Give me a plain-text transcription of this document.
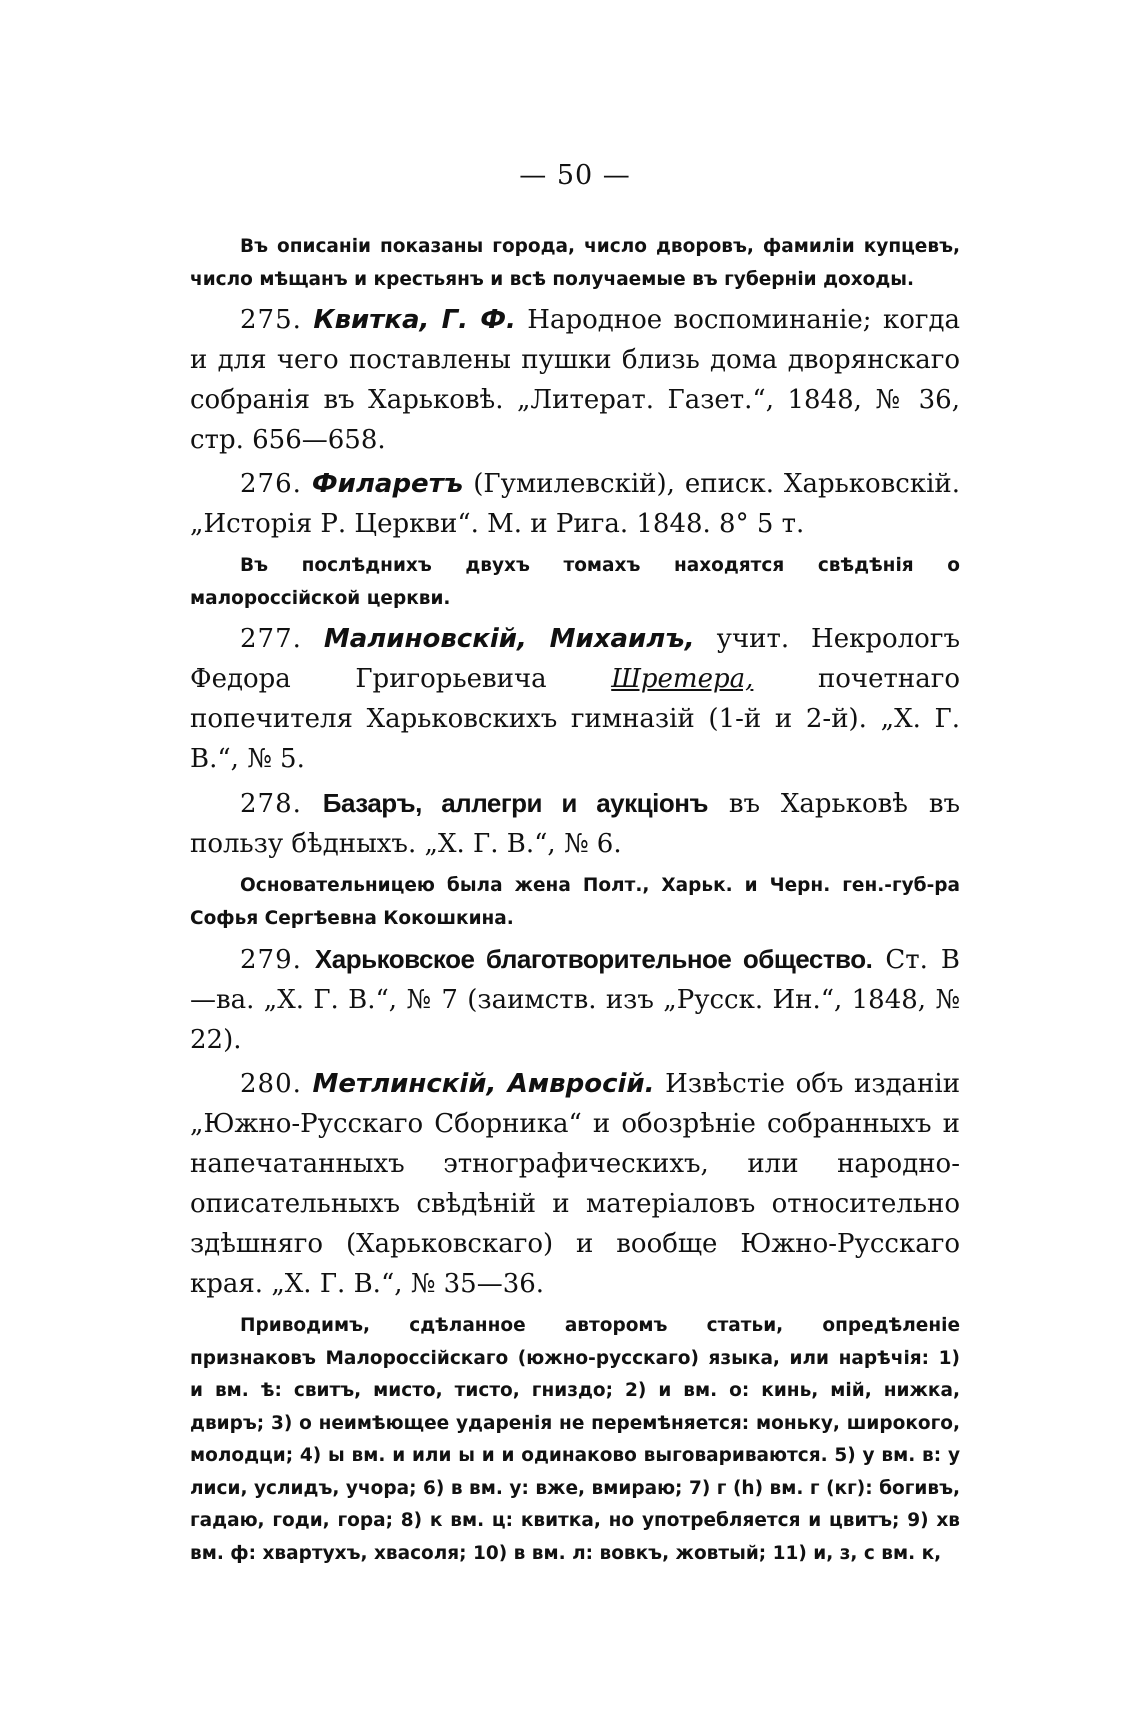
— 50 —

Въ описаніи показаны города, число дворовъ, фамиліи купцевъ, число мѣщанъ и крестьянъ и всѣ получаемые въ губерніи доходы.

275. Квитка, Г. Ф. Народное воспоминаніе; когда и для чего поставлены пушки близь дома дворянскаго собранія въ Харьковѣ. „Литерат. Газет.“, 1848, № 36, стр. 656—658.

276. Филаретъ (Гумилевскій), еписк. Харьковскій. „Исторія Р. Церкви“. М. и Рига. 1848. 8° 5 т.

Въ послѣднихъ двухъ томахъ находятся свѣдѣнія о малороссійской церкви.

277. Малиновскій, Михаилъ, учит. Некрологъ Федора Григорьевича Шретера, почетнаго попечителя Харьковскихъ гимназій (1-й и 2-й). „Х. Г. В.“, № 5.

278. Базаръ, аллегри и аукціонъ въ Харьковѣ въ пользу бѣдныхъ. „Х. Г. В.“, № 6.

Основательницею была жена Полт., Харьк. и Черн. ген.-губ-ра Софья Сергѣевна Кокошкина.

279. Харьковское благотворительное общество. Ст. В—ва. „Х. Г. В.“, № 7 (заимств. изъ „Русск. Ин.“, 1848, № 22).

280. Метлинскій, Амвросій. Извѣстіе объ изданіи „Южно-Русскаго Сборника“ и обозрѣніе собранныхъ и напечатанныхъ этнографическихъ, или народно-описательныхъ свѣдѣній и матеріаловъ относительно здѣшняго (Харьковскаго) и вообще Южно-Русскаго края. „Х. Г. В.“, № 35—36.

Приводимъ, сдѣланное авторомъ статьи, опредѣленіе признаковъ Малороссійскаго (южно-русскаго) языка, или нарѣчія: 1) и вм. ѣ: свитъ, мисто, тисто, гниздо; 2) и вм. о: кинь, мій, нижка, двиръ; 3) о неимѣющее ударенія не перемѣняется: моньку, широкого, молодци; 4) ы вм. и или ы и и одинаково выговариваются. 5) у вм. в: у лиси, услидъ, учора; 6) в вм. у: вже, вмираю; 7) г (h) вм. г (кг): богивъ, гадаю, годи, гора; 8) к вм. ц: квитка, но употребляется и цвитъ; 9) хв вм. ф: хвартухъ, хвасоля; 10) в вм. л: вовкъ, жовтый; 11) и, з, с вм. к,
